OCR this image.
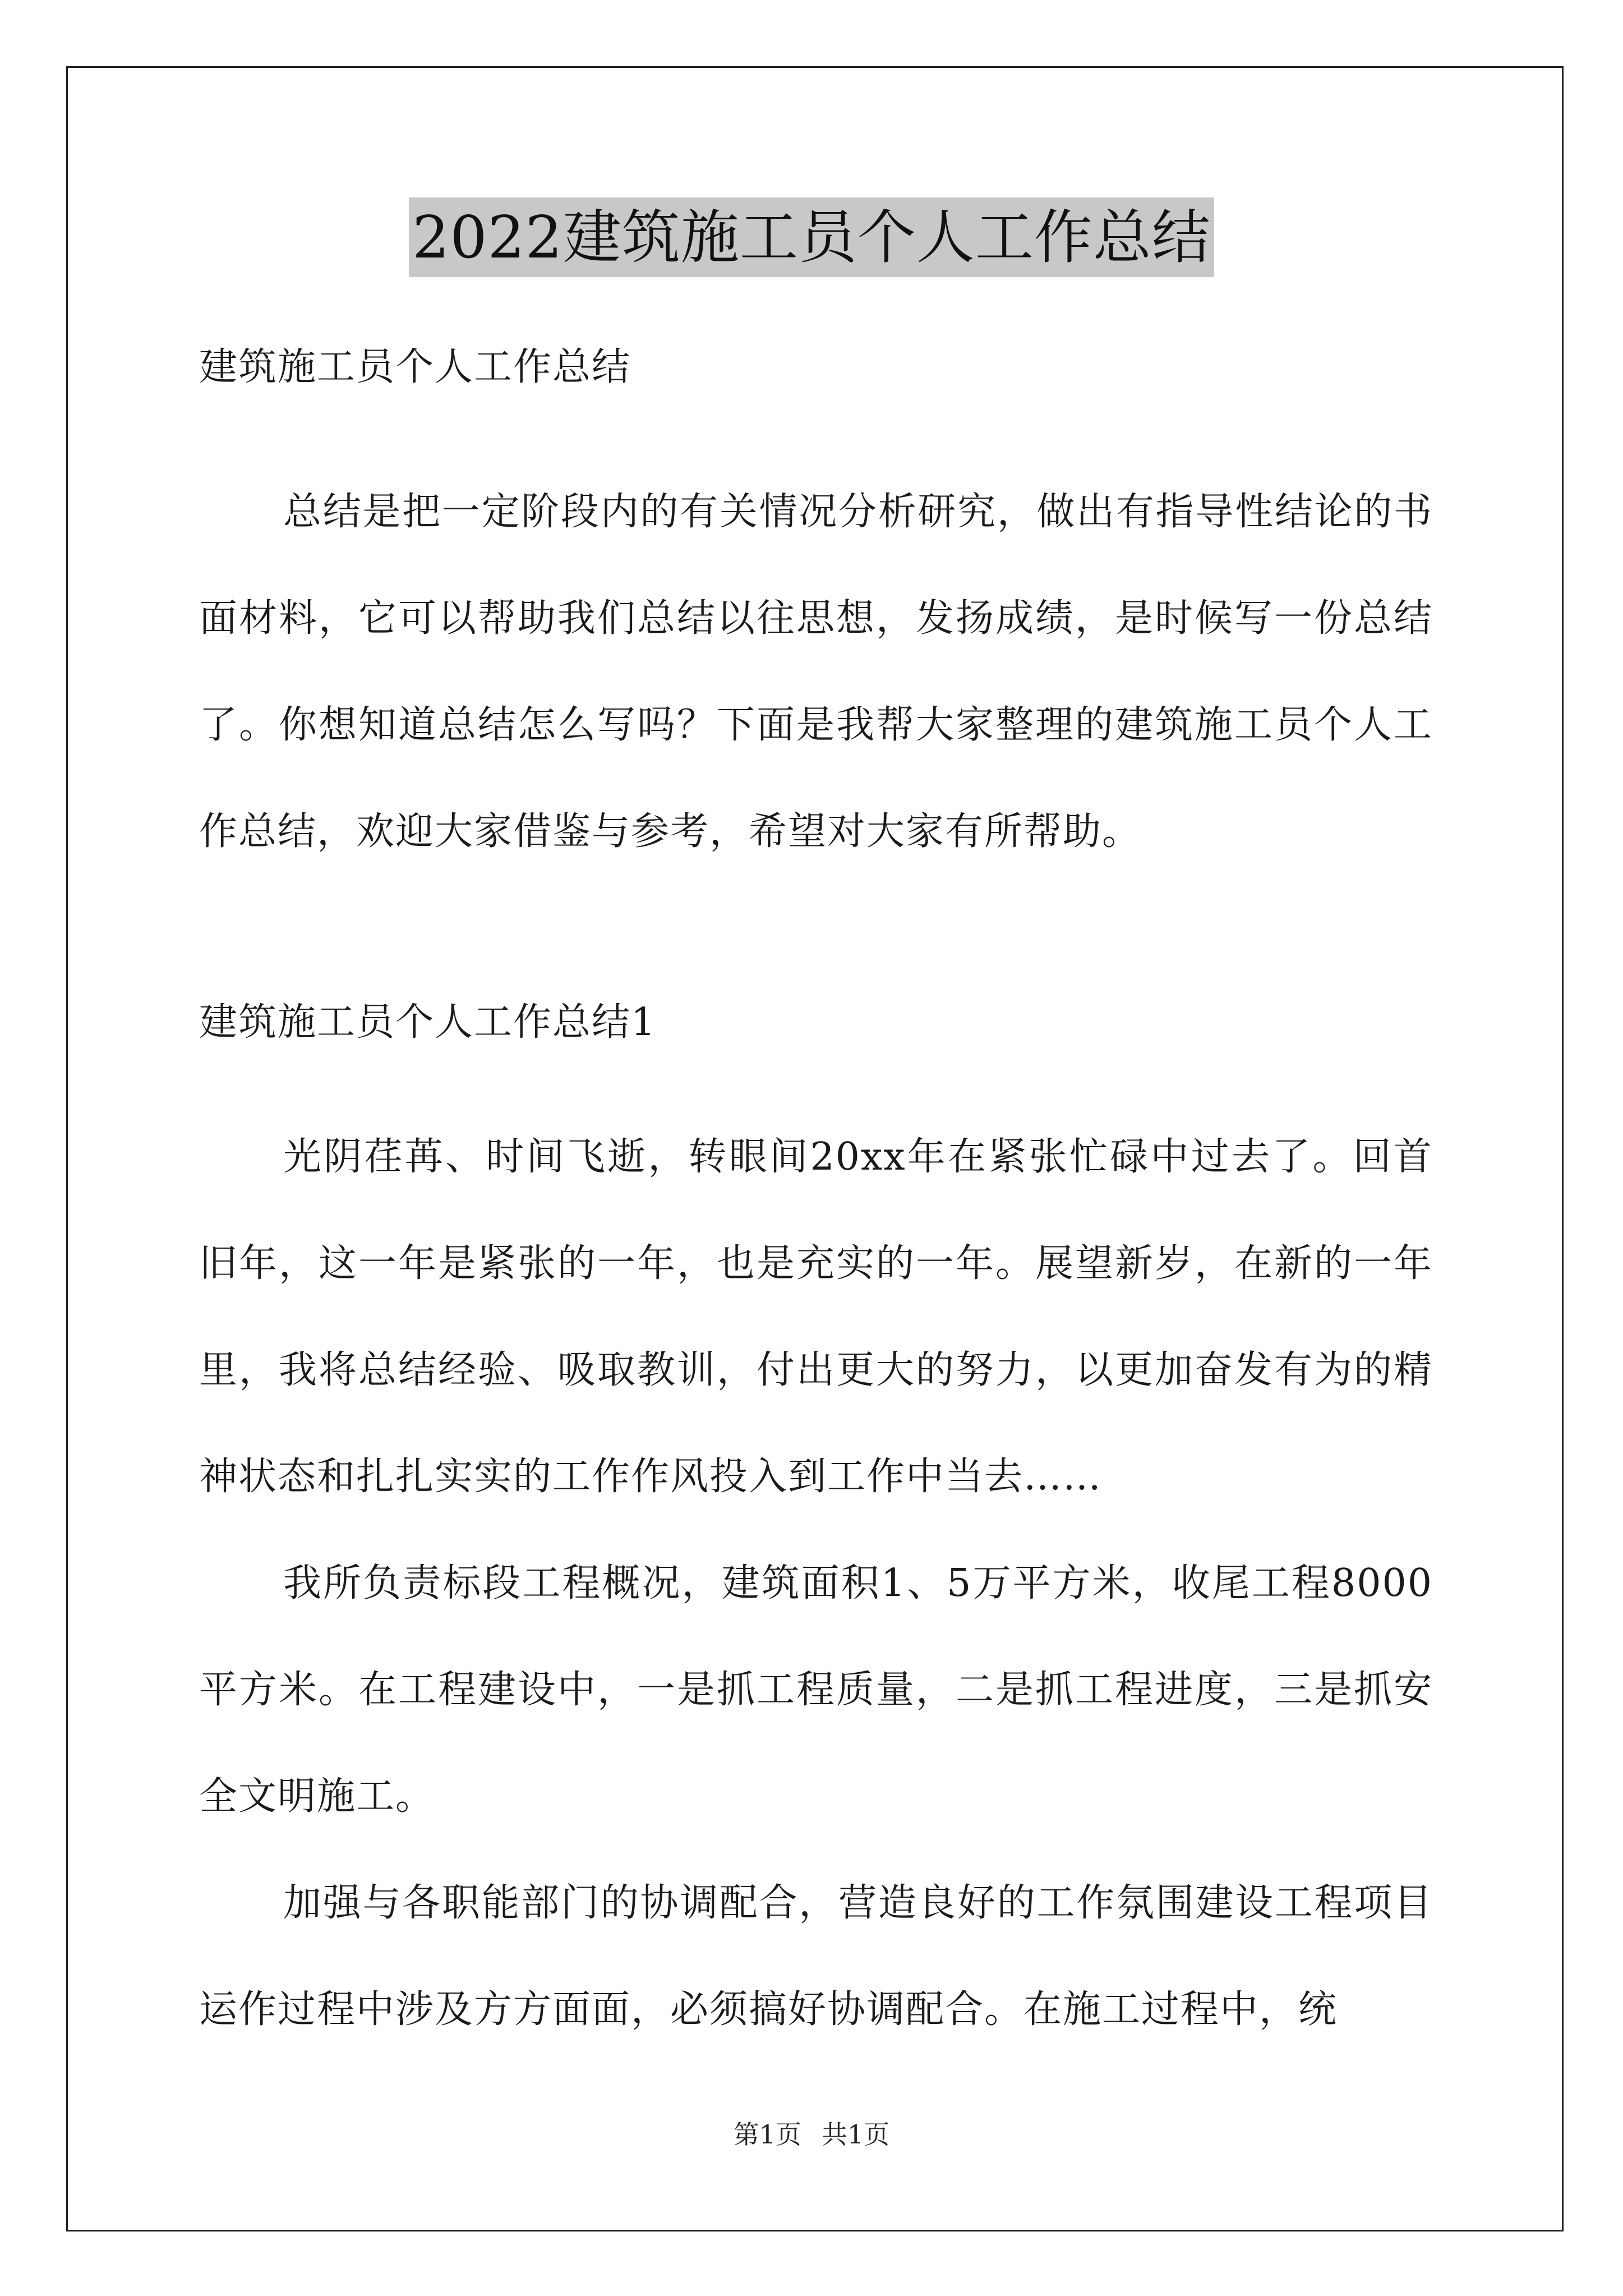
2022建筑施工员个人工作总结

建筑施工员个人工作总结

总结是把一定阶段内的有关情况分析研究，做出有指导性结论的书面材料，它可以帮助我们总结以往思想，发扬成绩，是时候写一份总结了。你想知道总结怎么写吗？下面是我帮大家整理的建筑施工员个人工作总结，欢迎大家借鉴与参考，希望对大家有所帮助。

建筑施工员个人工作总结1

光阴荏苒、时间飞逝，转眼间20xx年在紧张忙碌中过去了。回首旧年，这一年是紧张的一年，也是充实的一年。展望新岁，在新的一年里，我将总结经验、吸取教训，付出更大的努力，以更加奋发有为的精神状态和扎扎实实的工作作风投入到工作中当去……

我所负责标段工程概况，建筑面积1、5万平方米，收尾工程8000平方米。在工程建设中，一是抓工程质量，二是抓工程进度，三是抓安全文明施工。

加强与各职能部门的协调配合，营造良好的工作氛围建设工程项目运作过程中涉及方方面面，必须搞好协调配合。在施工过程中，统

第1页 共1页
